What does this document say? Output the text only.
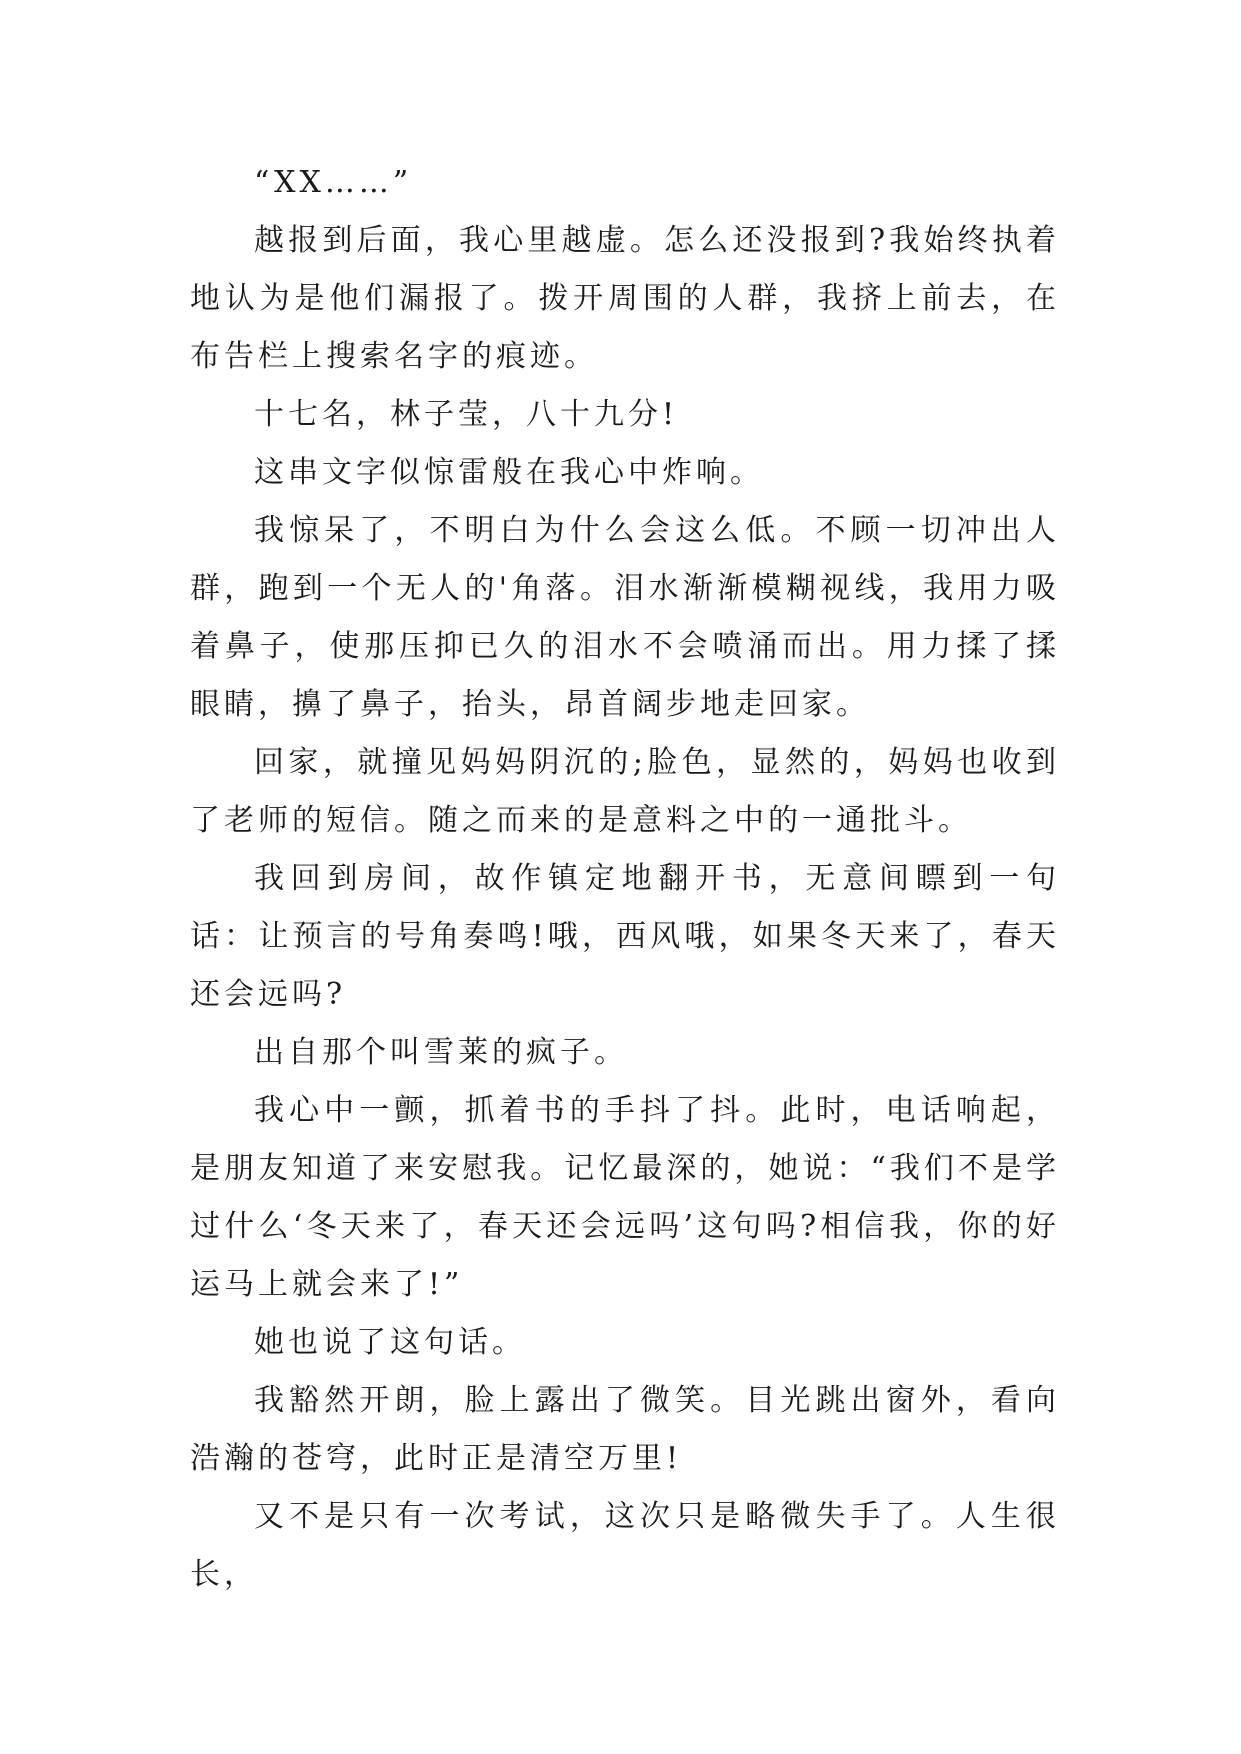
“XX……”

越报到后面，我心里越虚。怎么还没报到?我始终执着地认为是他们漏报了。拨开周围的人群，我挤上前去，在布告栏上搜索名字的痕迹。

十七名，林子莹，八十九分!

这串文字似惊雷般在我心中炸响。

我惊呆了，不明白为什么会这么低。不顾一切冲出人群，跑到一个无人的'角落。泪水渐渐模糊视线，我用力吸着鼻子，使那压抑已久的泪水不会喷涌而出。用力揉了揉眼睛，擤了鼻子，抬头，昂首阔步地走回家。

回家，就撞见妈妈阴沉的;脸色，显然的，妈妈也收到了老师的短信。随之而来的是意料之中的一通批斗。

我回到房间，故作镇定地翻开书，无意间瞟到一句话：让预言的号角奏鸣!哦，西风哦，如果冬天来了，春天还会远吗?

出自那个叫雪莱的疯子。

我心中一颤，抓着书的手抖了抖。此时，电话响起，是朋友知道了来安慰我。记忆最深的，她说：“我们不是学过什么‘冬天来了，春天还会远吗’这句吗?相信我，你的好运马上就会来了!”

她也说了这句话。

我豁然开朗，脸上露出了微笑。目光跳出窗外，看向浩瀚的苍穹，此时正是清空万里!

又不是只有一次考试，这次只是略微失手了。人生很长，
